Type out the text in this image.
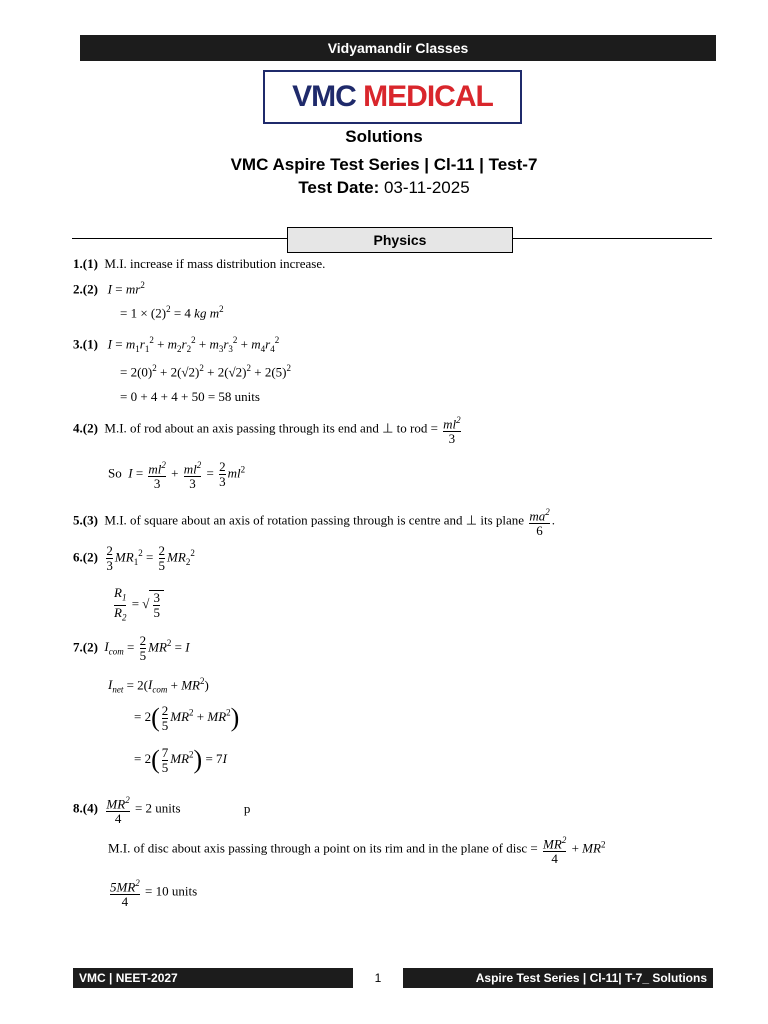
Vidyamandir Classes
VMC MEDICAL
Solutions
VMC Aspire Test Series | Cl-11 | Test-7
Test Date: 03-11-2025
Physics
1.(1) M.I. increase if mass distribution increase.
2.(2) $I = mr^2$
= $1 \times (2)^2 = 4$ kg $m^2$
3.(1) $I = m_1r_1^2 + m_2r_2^2 + m_3r_3^2 + m_4r_4^2$
= $2(0)^2 + 2(√2)^2 + 2(√2)^2 + 2(5)^2$
= 0 + 4 + 4 + 50 = 58 units
4.(2) M.I. of rod about an axis passing through its end and ⊥ to rod = $\frac{ml^2}{3}$
So $I = \frac{ml^2}{3} + \frac{ml^2}{3} = \frac{2}{3} ml^2$
5.(3) M.I. of square about an axis of rotation passing through is centre and ⊥ its plane $\frac{ma^2}{6}$ .
$6.(2) \frac{2}{3} MR_1^2 = \frac{2}{5} MR_2^2$
$\frac{R_1}{R_2}$ = √ $\frac{3}{5}$
7.(2) $I_{com} = \frac{2}{5} MR^2 = I$
$I_{net} = 2(I_{com} + MR^2)$
= $2( \frac{2}{5} MR^2 + MR^2)$
= $2( \frac{7}{5} MR^2) = 7I$
$8.(4) \frac{MR^2}{4} = 2$ units	p
M.I. of disc about axis passing through a point on its rim and in the plane of disc = $\frac{MR^2}{4} + MR^2$
$\frac{5MR^2}{4} = 10$ units
VMC | NEET-2027	1	Aspire Test Series | Cl-11| T-7_ Solutions
